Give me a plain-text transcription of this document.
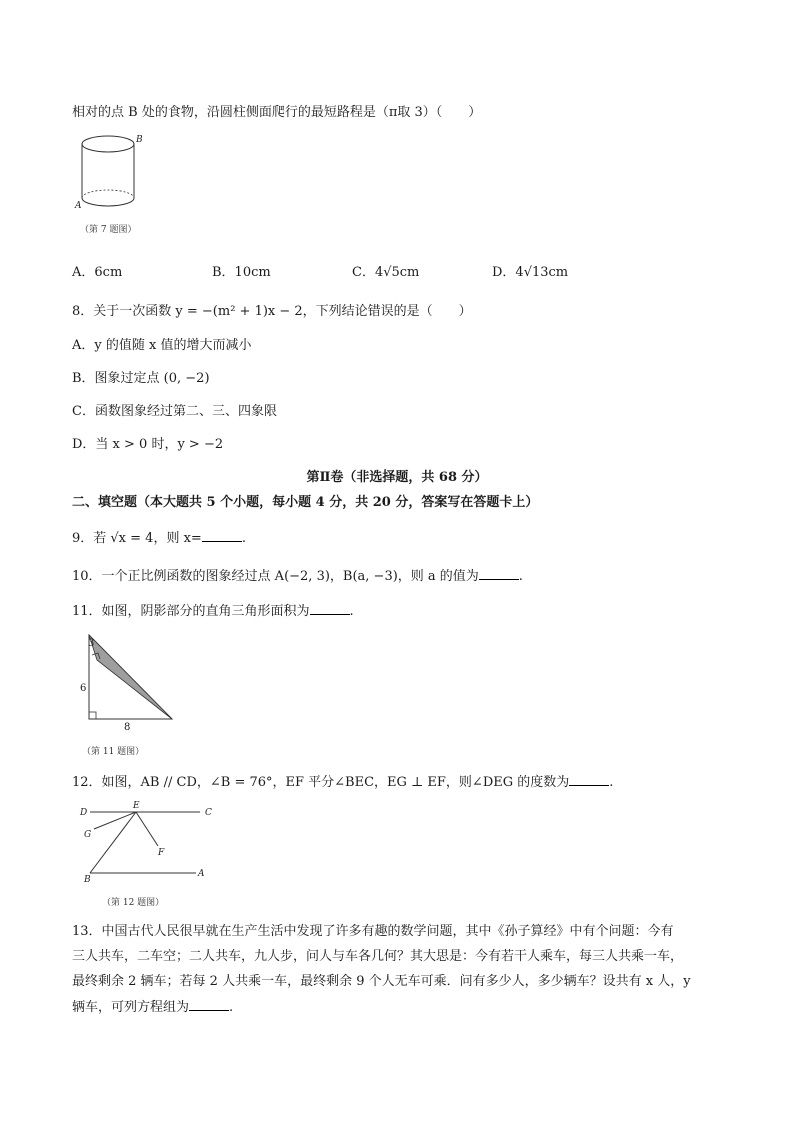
相对的点 B 处的食物，沿圆柱侧面爬行的最短路程是（π取 3）（　　）
B
A
（第 7 题图）
A．6cm	B．10cm	C．4√5cm	D．4√13cm
8．关于一次函数 y = −(m² + 1)x − 2，下列结论错误的是（　　）
A．y 的值随 x 值的增大而减小
B．图象过定点 (0, −2)
C．函数图象经过第二、三、四象限
D．当 x > 0 时，y > −2
第Ⅱ卷（非选择题，共 68 分）
二、填空题（本大题共 5 个小题，每小题 4 分，共 20 分，答案写在答题卡上）
9．若 √x = 4，则 x=	.
10．一个正比例函数的图象经过点 A(−2, 3)，B(a, −3)，则 a 的值为	.
11．如图，阴影部分的直角三角形面积为	.
3
6
8
（第 11 题图）
12．如图，AB // CD，∠B = 76°，EF 平分∠BEC，EG ⊥ EF，则∠DEG 的度数为	.
D
E
C
G
F
B
A
（第 12 题图）
13．中国古代人民很早就在生产生活中发现了许多有趣的数学问题，其中《孙子算经》中有个问题：今有
三人共车，二车空；二人共车，九人步，问人与车各几何？其大思是：今有若干人乘车，每三人共乘一车，
最终剩余 2 辆车；若每 2 人共乘一车，最终剩余 9 个人无车可乘．问有多少人，多少辆车？设共有 x 人，y
辆车，可列方程组为	.
